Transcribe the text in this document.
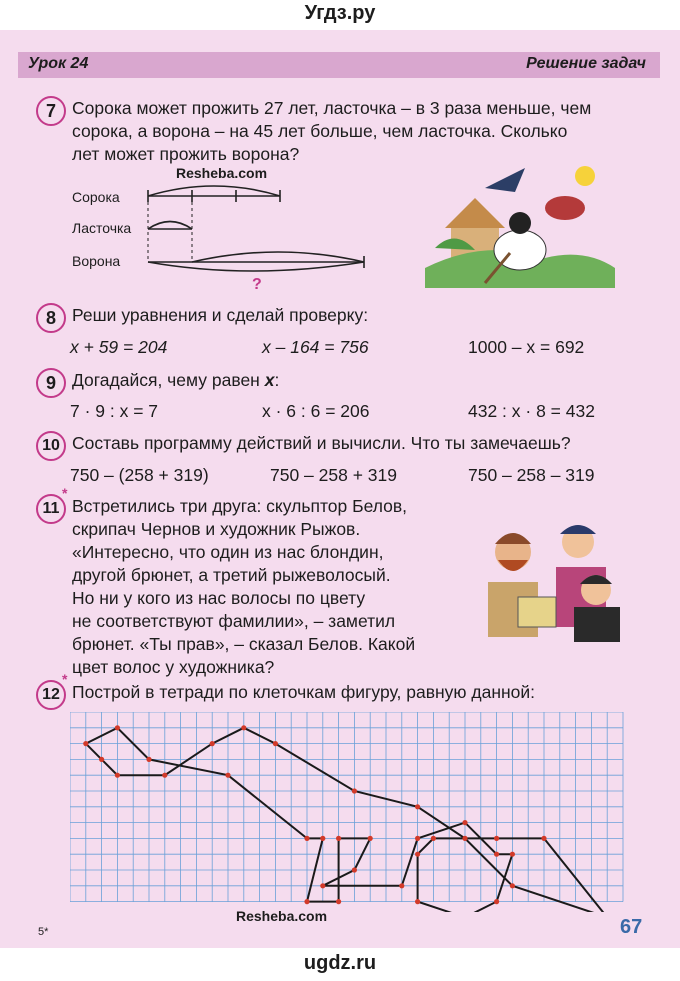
Угдз.ру
Урок 24	Решение задач
7 Сорока может прожить 27 лет, ласточка – в 3 раза меньше, чем
сорока, а ворона – на 45 лет больше, чем ласточка. Сколько
лет может прожить ворона?
Resheba.com
Сорока
Ласточка
Ворона
?
8 Реши уравнения и сделай проверку:
x + 59 = 204	x – 164 = 756	1000 – x = 692
9 Догадайся, чему равен x:
7 · 9 : x = 7	x · 6 : 6 = 206	432 : x · 8 = 432
10 Составь программу действий и вычисли. Что ты замечаешь?
750 – (258 + 319)	750 – 258 + 319	750 – 258 – 319
11
*
Встретились три друга: скульптор Белов,
скрипач Чернов и художник Рыжов.
«Интересно, что один из нас блондин,
другой брюнет, а третий рыжеволосый.
Но ни у кого из нас волосы по цвету
не соответствуют фамилии», – заметил
брюнет. «Ты прав», – сказал Белов. Какой
цвет волос у художника?
12
*
Построй в тетради по клеточкам фигуру, равную данной:
Resheba.com
5*	67
ugdz.ru
